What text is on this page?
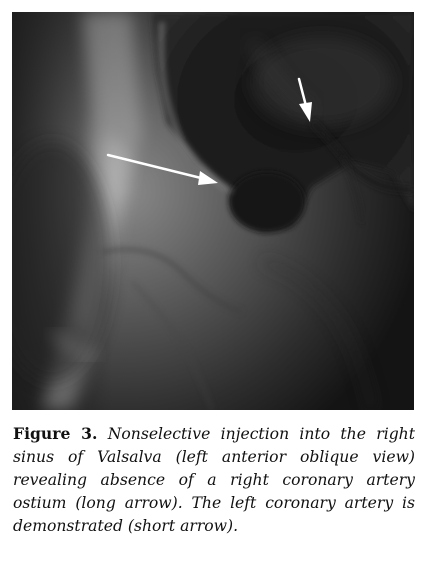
Figure 3. Nonselective injection into the right sinus of Valsalva (left anterior oblique view) revealing absence of a right coronary artery ostium (long arrow). The left coronary artery is demonstrated (short arrow).
